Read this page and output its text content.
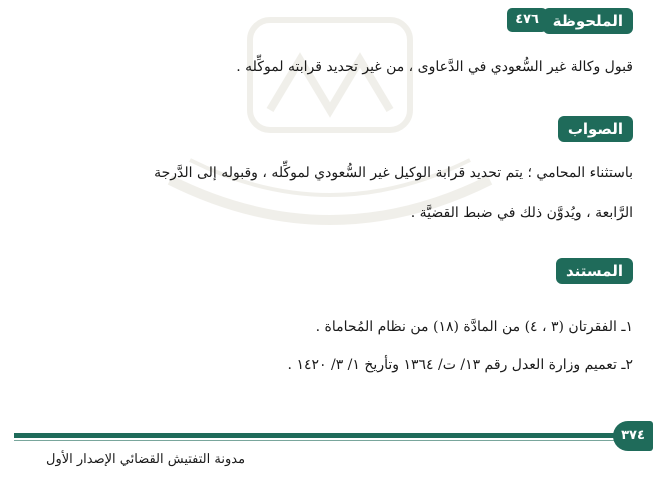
الملحوظة
٤٧٦
قبول وكالة غير السُّعودي في الدَّعاوى ، من غير تحديد قرابته لموكِّله .
الصواب
باستثناء المحامي ؛ يتم تحديد قرابة الوكيل غير السُّعودي لموكِّله ، وقبوله إلى الدَّرجة
الرَّابعة ، ويُدوَّن ذلك في ضبط القضيَّة .
المستند
١ـ الفقرتان (٣ ، ٤) من المادَّة (١٨) من نظام المُحاماة .
٢ـ تعميم وزارة العدل رقم ١٣/ ت/ ١٣٦٤ وتأريخ ١/ ٣/ ١٤٢٠ .
٣٧٤
مدونة التفتيش القضائي الإصدار الأول
